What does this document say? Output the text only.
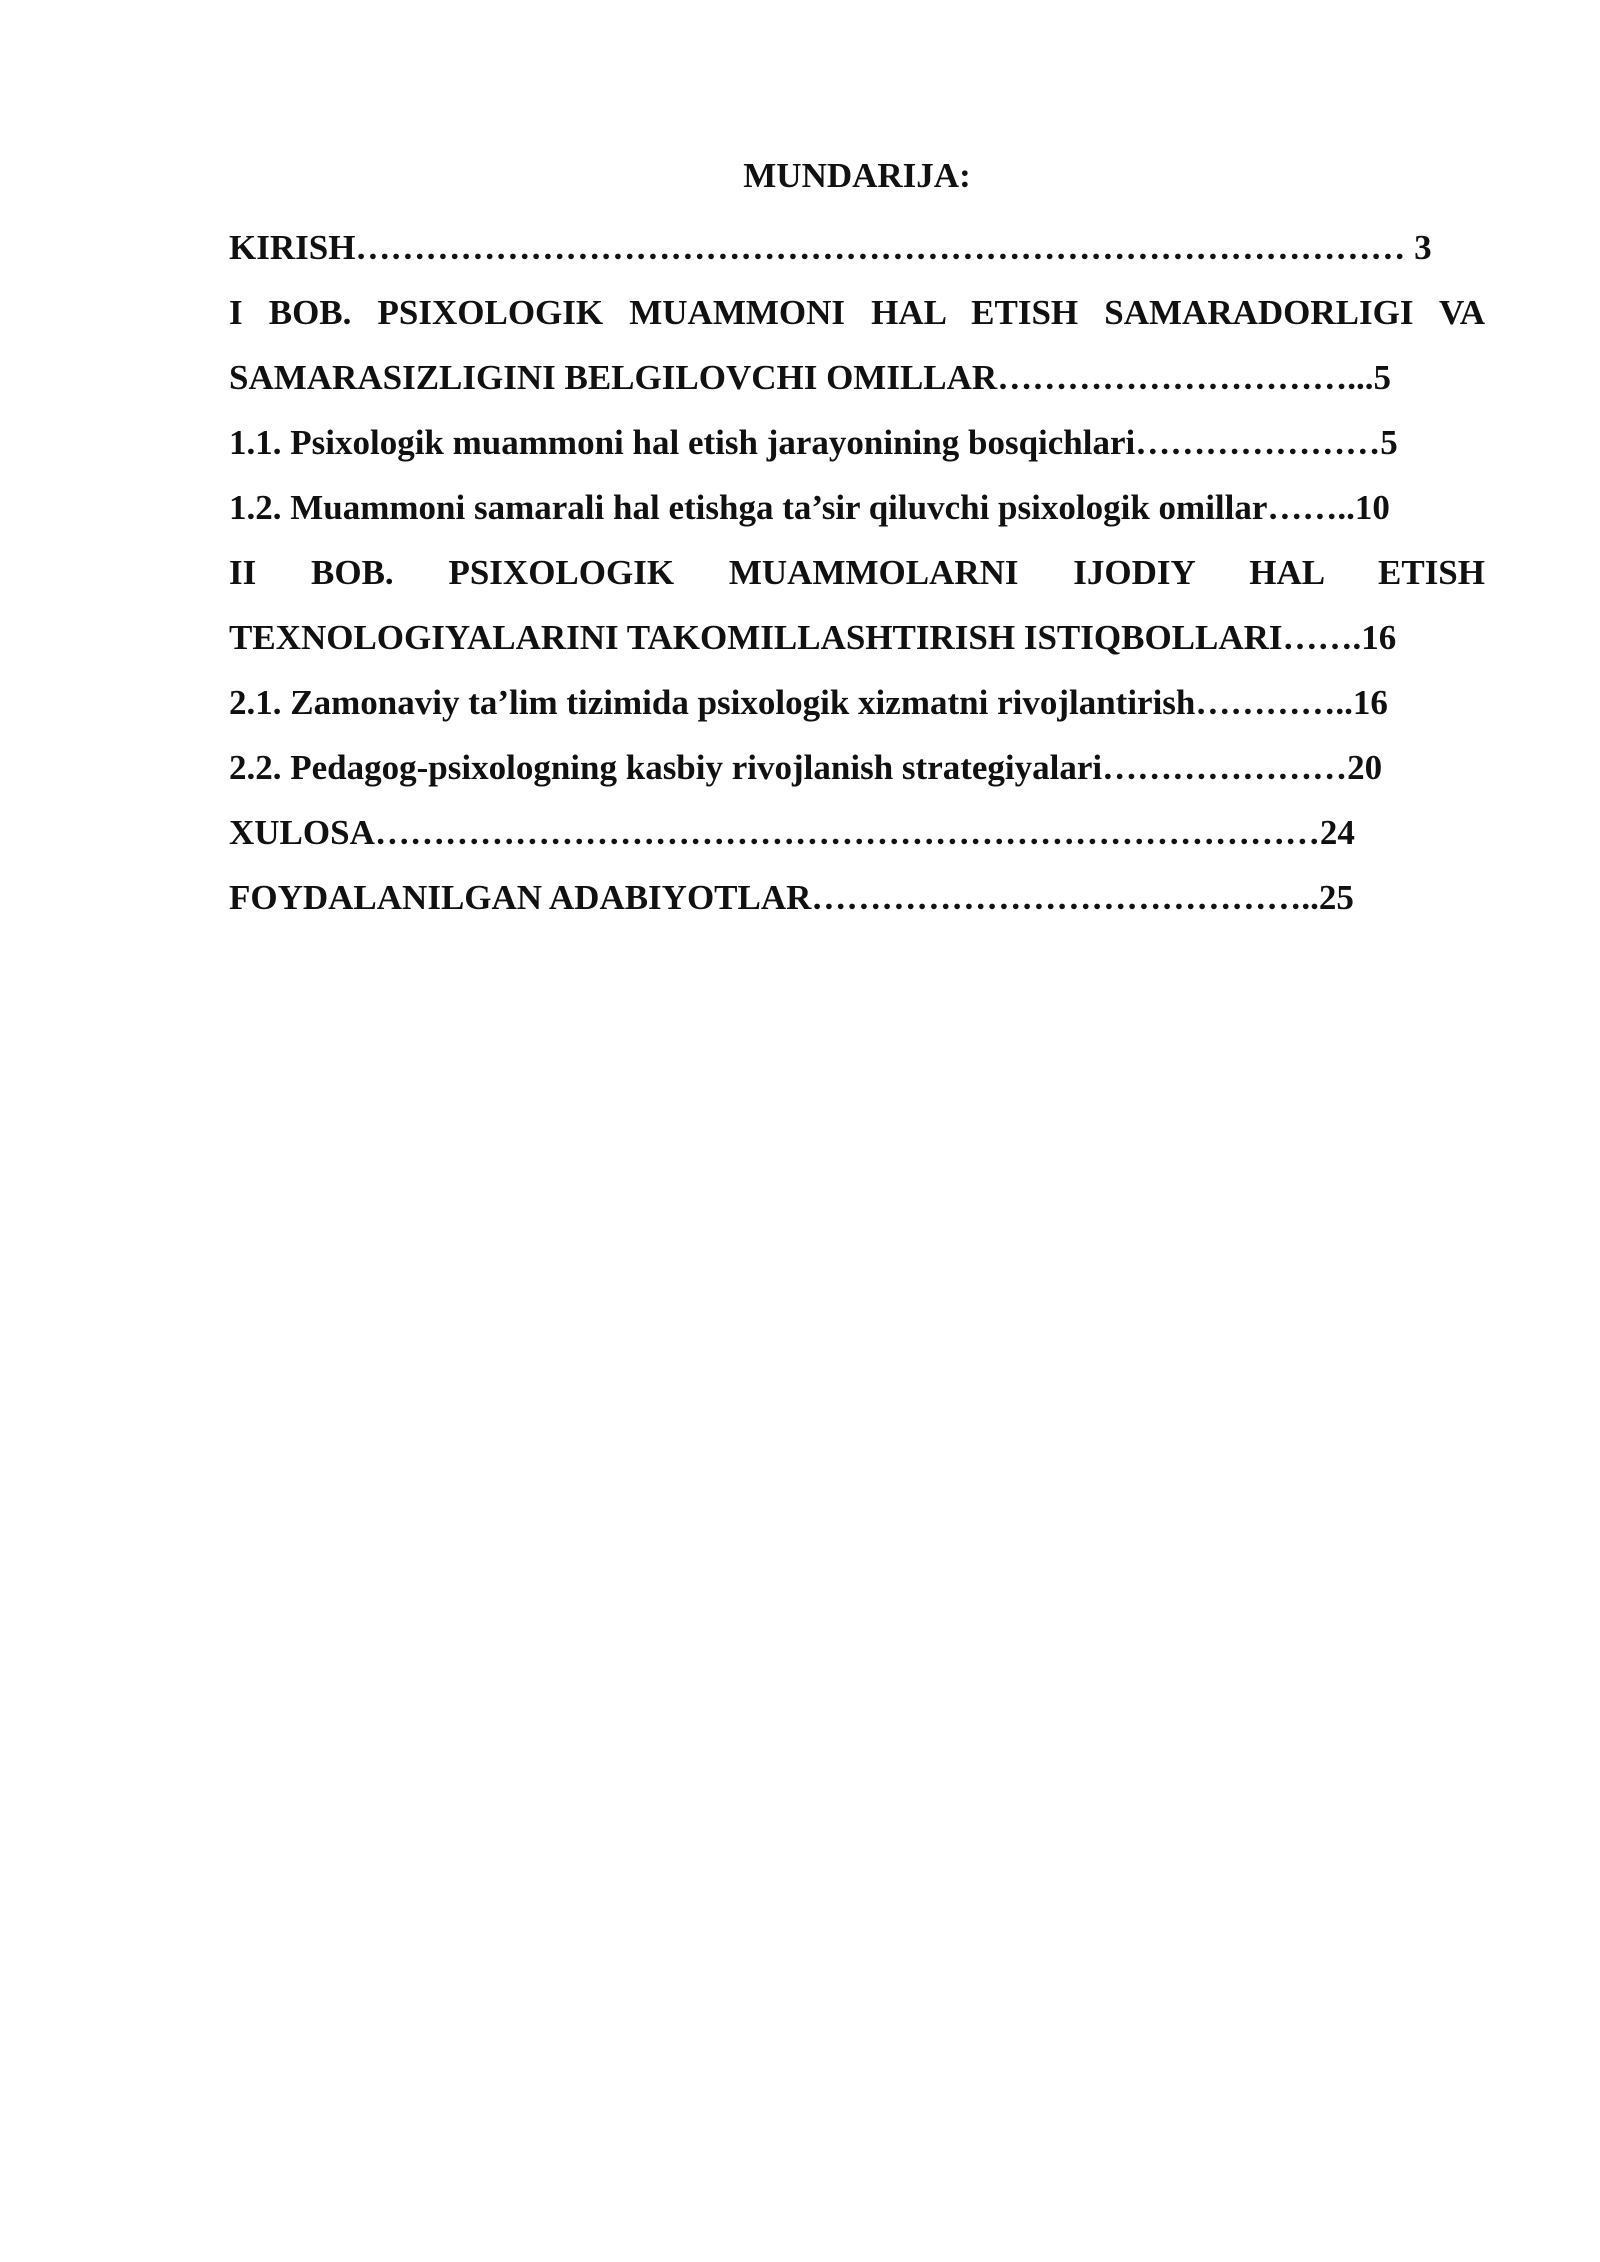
MUNDARIJA:
KIRISH……………………………………………………………………………… 3
I BOB. PSIXOLOGIK MUAMMONI HAL ETISH SAMARADORLIGI VA
SAMARASIZLIGINI BELGILOVCHI OMILLAR…………………………...5
1.1. Psixologik muammoni hal etish jarayonining bosqichlari…………………5
1.2. Muammoni samarali hal etishga ta’sir qiluvchi psixologik omillar……..10
II BOB. PSIXOLOGIK MUAMMOLARNI IJODIY HAL ETISH
TEXNOLOGIYALARINI TAKOMILLASHTIRISH ISTIQBOLLARI…….16
2.1. Zamonaviy ta’lim tizimida psixologik xizmatni rivojlantirish…………..16
2.2. Pedagog-psixologning kasbiy rivojlanish strategiyalari…………………20
XULOSA………………………………………………………………………24
FOYDALANILGAN ADABIYOTLAR……………………………………..25
